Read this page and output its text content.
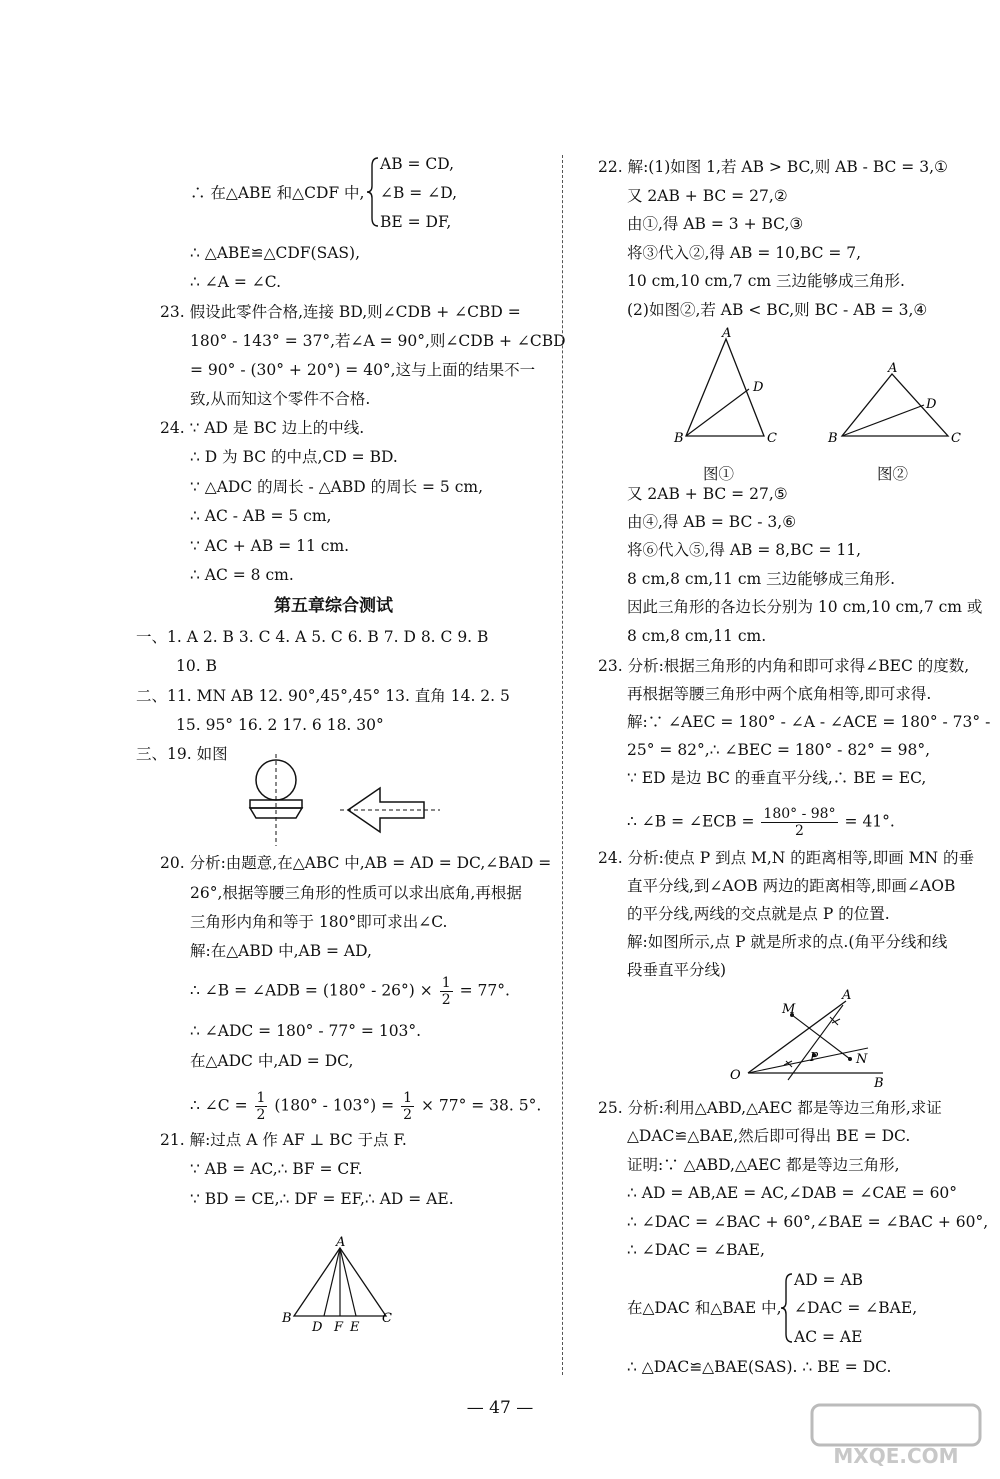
AB = CD,
∴ 在△ABE 和△CDF 中, ∠B = ∠D,
BE = DF,
∴ △ABE≌△CDF(SAS),
∴ ∠A = ∠C.
23. 假设此零件合格,连接 BD,则∠CDB + ∠CBD =
180° - 143° = 37°,若∠A = 90°,则∠CDB + ∠CBD
= 90° - (30° + 20°) = 40°,这与上面的结果不一
致,从而知这个零件不合格.
24. ∵ AD 是 BC 边上的中线.
∴ D 为 BC 的中点,CD = BD.
∵ △ADC 的周长 - △ABD 的周长 = 5 cm,
∴ AC - AB = 5 cm,
∵ AC + AB = 11 cm.
∴ AC = 8 cm.
第五章综合测试
一、1. A 2. B 3. C 4. A 5. C 6. B 7. D 8. C 9. B
10. B
二、11. MN AB 12. 90°,45°,45° 13. 直角 14. 2. 5
15. 95° 16. 2 17. 6 18. 30°
三、19. 如图
20. 分析:由题意,在△ABC 中,AB = AD = DC,∠BAD =
26°,根据等腰三角形的性质可以求出底角,再根据
三角形内角和等于 180°即可求出∠C.
解:在△ABD 中,AB = AD,
∴ ∠B = ∠ADB = $(180^\circ - 26^\circ) \times \frac{1}{2} = 77^\circ$.
∴ ∠ADC = 180° - 77° = 103°.
在△ADC 中,AD = DC,
∴ ∠C = $\frac{1}{2} (180^\circ - 103^\circ) = \frac{1}{2} \times 77^\circ = 38$. 5°.
21. 解:过点 A 作 AF ⊥ BC 于点 F.
∵ AB = AC,∴ BF = CF.
∵ BD = CE,∴ DF = EF,∴ AD = AE.
A
B
D F E
C
22. 解:(1)如图 1,若 AB > BC,则 AB - BC = 3,①
又 2AB + BC = 27,②
由①,得 AB = 3 + BC,③
将③代入②,得 AB = 10,BC = 7,
10 cm,10 cm,7 cm 三边能够成三角形.
(2)如图②,若 AB < BC,则 BC - AB = 3,④
A
D
B	C
A
D
B	C
图①	图②
又 2AB + BC = 27,⑤
由④,得 AB = BC - 3,⑥
将⑥代入⑤,得 AB = 8,BC = 11,
8 cm,8 cm,11 cm 三边能够成三角形.
因此三角形的各边长分别为 10 cm,10 cm,7 cm 或
8 cm,8 cm,11 cm.
23. 分析:根据三角形的内角和即可求得∠BEC 的度数,
再根据等腰三角形中两个底角相等,即可求得.
解:∵ ∠AEC = 180° - ∠A - ∠ACE = 180° - 73° -
25° = 82°,∴ ∠BEC = 180° - 82° = 98°,
∵ ED 是边 BC 的垂直平分线,∴ BE = EC,
∴ ∠B = ∠ECB = $\frac{180^\circ - 98^\circ}{2} = 41^\circ$.
24. 分析:使点 P 到点 M,N 的距离相等,即画 MN 的垂
直平分线,到∠AOB 两边的距离相等,即画∠AOB
的平分线,两线的交点就是点 P 的位置.
解:如图所示,点 P 就是所求的点.(角平分线和线
段垂直平分线)
M
A
P	N
O
B
25. 分析:利用△ABD,△AEC 都是等边三角形,求证
△DAC≌△BAE,然后即可得出 BE = DC.
证明:∵ △ABD,△AEC 都是等边三角形,
∴ AD = AB,AE = AC,∠DAB = ∠CAE = 60°
∴ ∠DAC = ∠BAC + 60°,∠BAE = ∠BAC + 60°,
∴ ∠DAC = ∠BAE,
AD = AB
在△DAC 和△BAE 中, ∠DAC = ∠BAE,
AC = AE
∴ △DAC≌△BAE(SAS). ∴ BE = DC.
— 47 —
MXQE.COM
